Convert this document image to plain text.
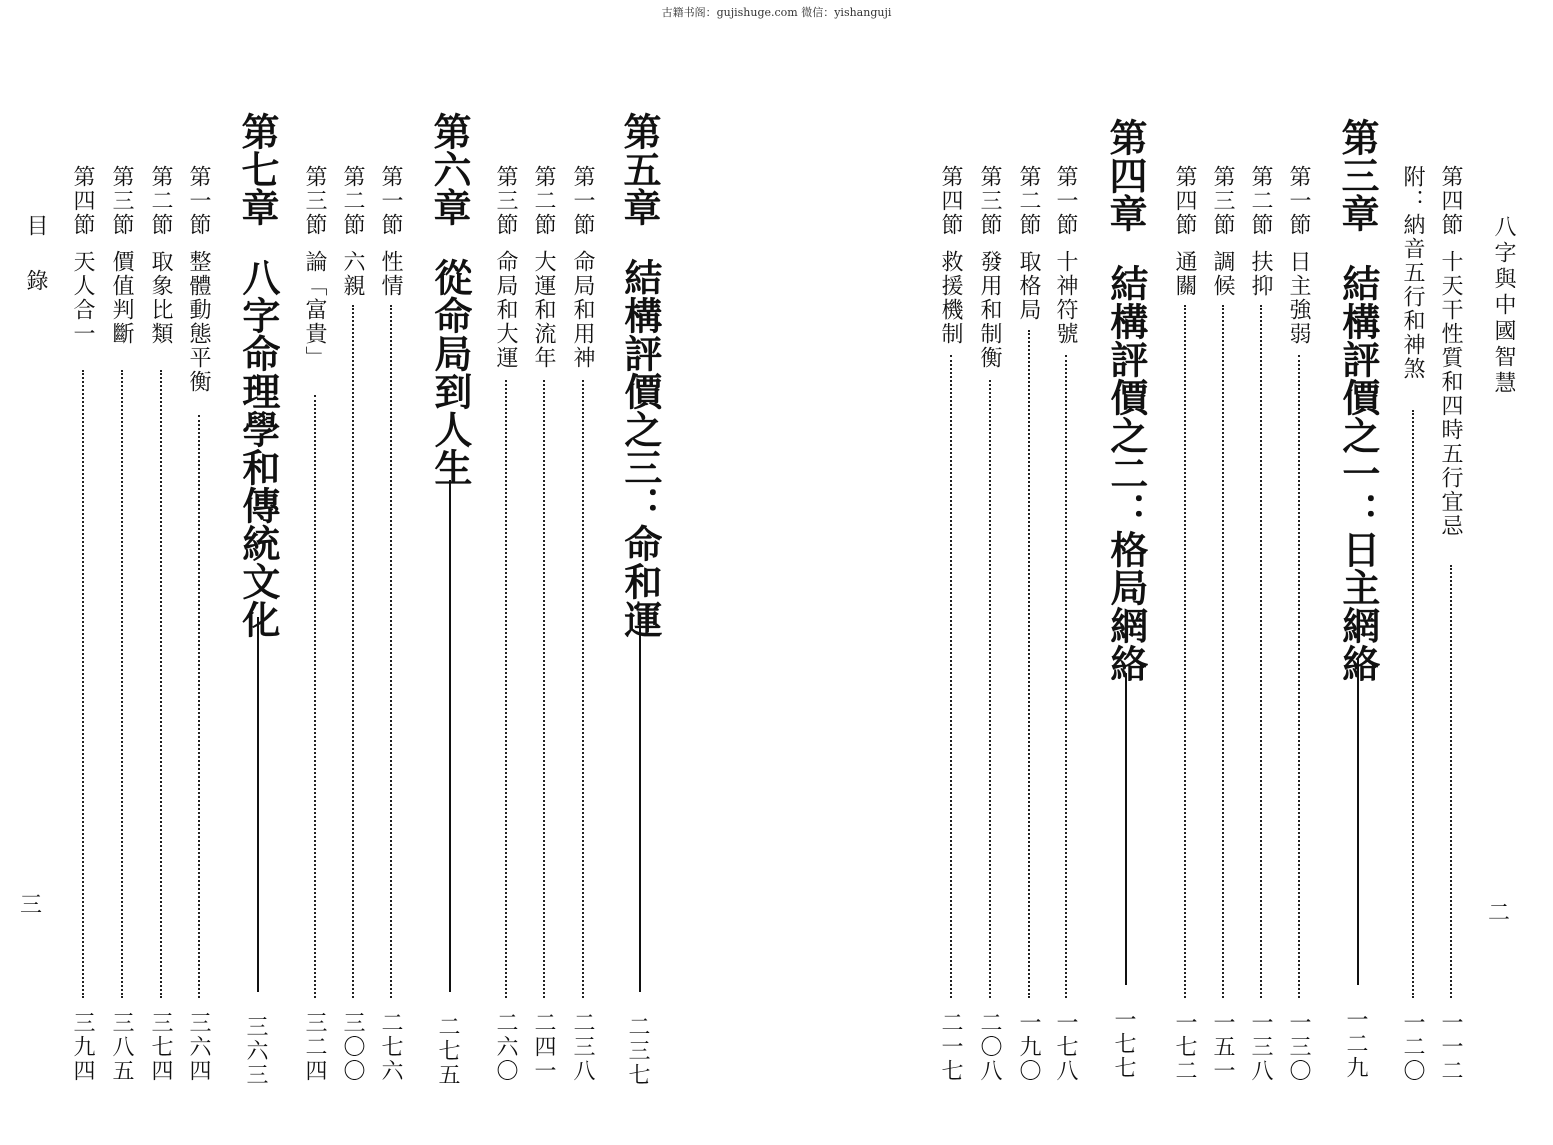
古籍书阁：gujishuge.com 微信：yishanguji
目 錄
三
第四節
天人合一
三九四
第三節
價值判斷
三八五
第二節
取象比類
三七四
第一節
整體動態平衡
三六四
第七章
八字命理學和傳統文化
三六三
第三節
論「富貴」
三二四
第二節
六親
三〇〇
第一節
性情
二七六
第六章
從命局到人生
二七五
第三節
命局和大運
二六〇
第二節
大運和流年
二四一
第一節
命局和用神
二三八
第五章
結構評價之三：命和運
二三七
二
八字與中國智慧
第四節
救援機制
二一七
第三節
發用和制衡
二〇八
第二節
取格局
一九〇
第一節
十神符號
一七八
第四章
結構評價之二：格局網絡
一七七
第四節
通關
一七二
第三節
調候
一五一
第二節
扶抑
一三八
第一節
日主強弱
一三〇
第三章
結構評價之一：日主網絡
一二九
附：納音五行和神煞
一二〇
第四節
十天干性質和四時五行宜忌
一一二
